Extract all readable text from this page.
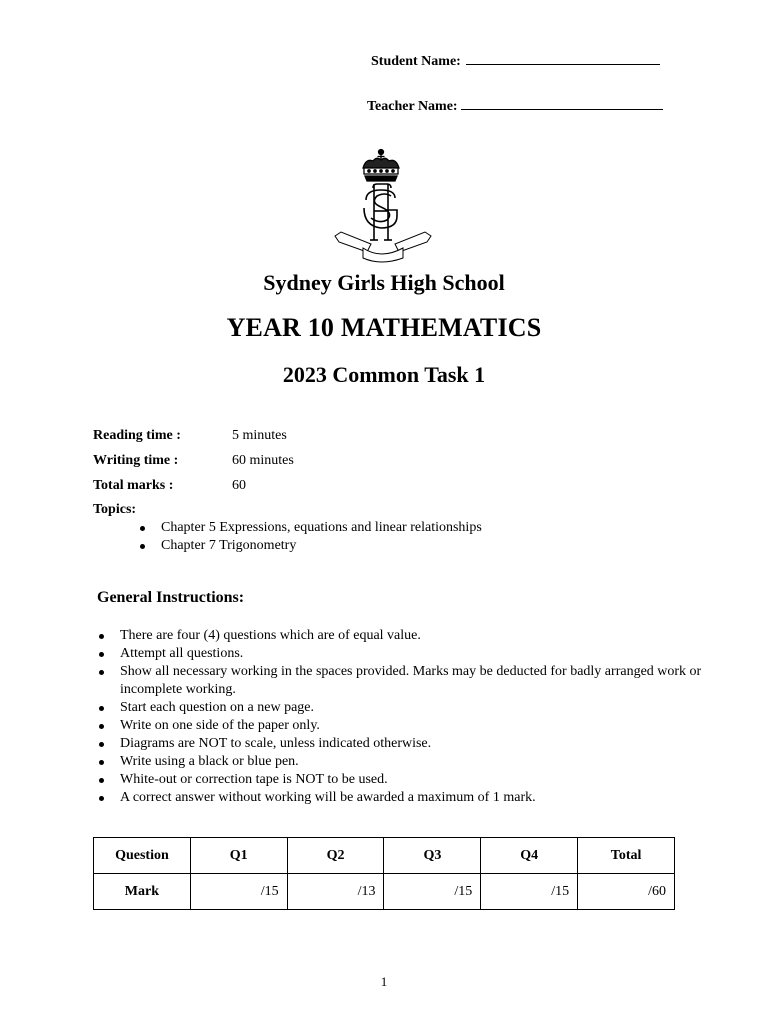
Student Name:
Teacher Name:
Sydney Girls High School
YEAR 10 MATHEMATICS
2023 Common Task 1
Reading time :	5 minutes
Writing time :	60 minutes
Total marks :	60
Topics:
Chapter 5 Expressions, equations and linear relationships
Chapter 7 Trigonometry
General Instructions:
There are four (4) questions which are of equal value.
Attempt all questions.
Show all necessary working in the spaces provided. Marks may be deducted for badly arranged work or incomplete working.
Start each question on a new page.
Write on one side of the paper only.
Diagrams are NOT to scale, unless indicated otherwise.
Write using a black or blue pen.
White-out or correction tape is NOT to be used.
A correct answer without working will be awarded a maximum of 1 mark.
Question	Q1	Q2	Q3	Q4	Total
Mark	/15	/13	/15	/15	/60
1
